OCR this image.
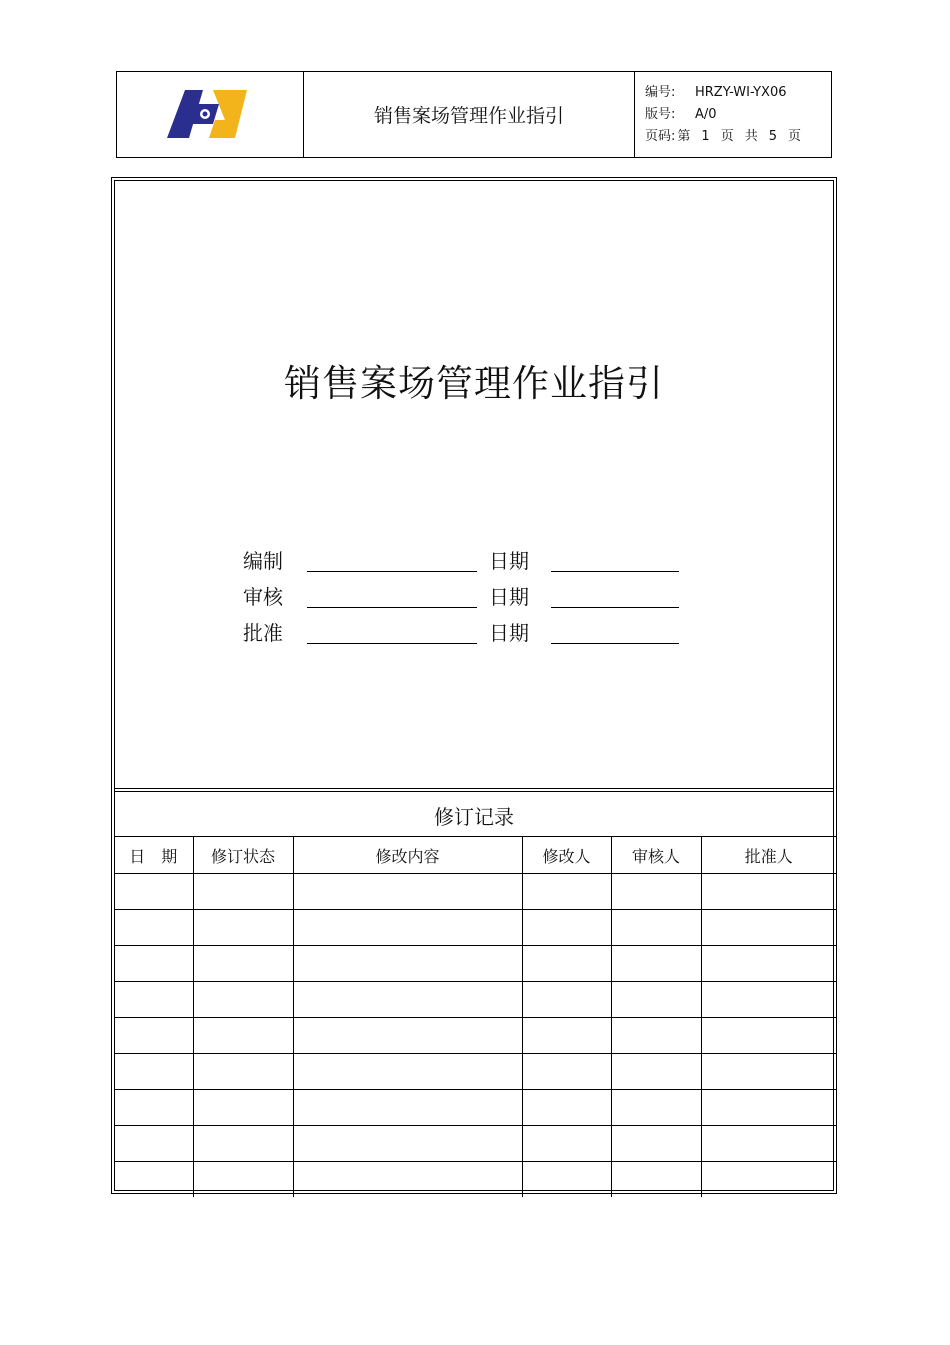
销售案场管理作业指引
编号:	HRZY-WI-YX06
版号:	A/0
页码: 第 1 页 共 5 页
销售案场管理作业指引
编制	日期
审核	日期
批准	日期
修订记录
日　期	修订状态	修改内容	修改人	审核人	批准人
